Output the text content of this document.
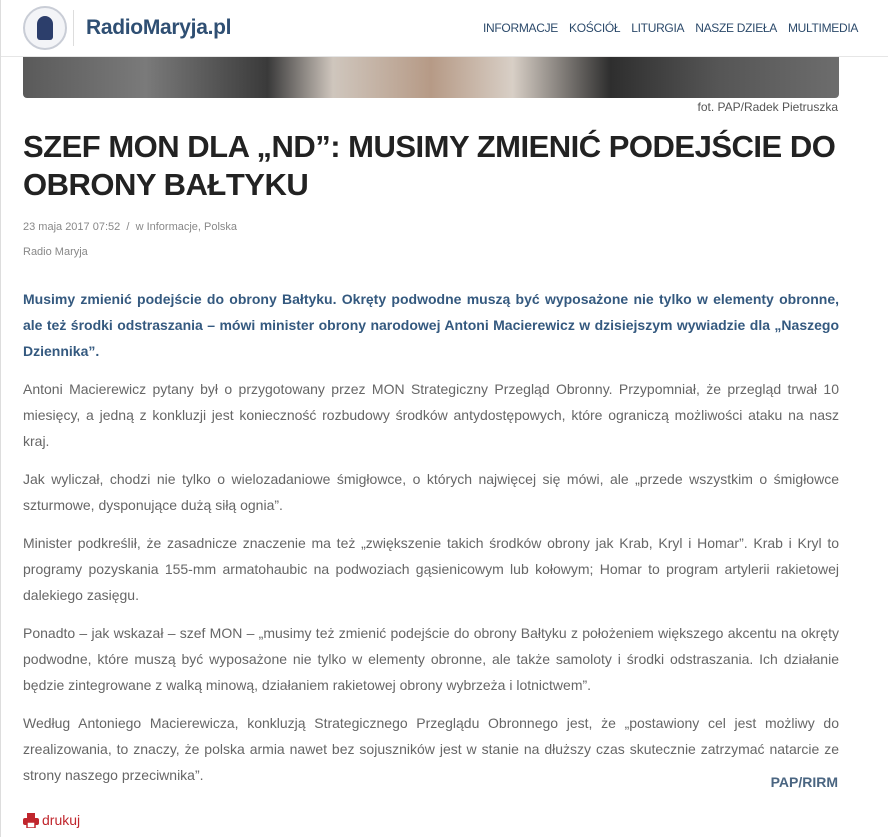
RadioMaryja.pl	INFORMACJE KOŚCIÓŁ LITURGIA NASZE DZIEŁA MULTIMEDIA
fot. PAP/Radek Pietruszka
SZEF MON DLA „ND”: MUSIMY ZMIENIĆ PODEJŚCIE DO OBRONY BAŁTYKU
23 maja 2017 07:52 / w Informacje, Polska
Radio Maryja

Musimy zmienić podejście do obrony Bałtyku. Okręty podwodne muszą być wyposażone nie tylko w elementy obronne, ale też środki odstraszania – mówi minister obrony narodowej Antoni Macierewicz w dzisiejszym wywiadzie dla „Naszego Dziennika”.

Antoni Macierewicz pytany był o przygotowany przez MON Strategiczny Przegląd Obronny. Przypomniał, że przegląd trwał 10 miesięcy, a jedną z konkluzji jest konieczność rozbudowy środków antydostępowych, które ograniczą możliwości ataku na nasz kraj.

Jak wyliczał, chodzi nie tylko o wielozadaniowe śmigłowce, o których najwięcej się mówi, ale „przede wszystkim o śmigłowce szturmowe, dysponujące dużą siłą ognia”.

Minister podkreślił, że zasadnicze znaczenie ma też „zwiększenie takich środków obrony jak Krab, Kryl i Homar”. Krab i Kryl to programy pozyskania 155-mm armatohaubic na podwoziach gąsienicowym lub kołowym; Homar to program artylerii rakietowej dalekiego zasięgu.

Ponadto – jak wskazał – szef MON – „musimy też zmienić podejście do obrony Bałtyku z położeniem większego akcentu na okręty podwodne, które muszą być wyposażone nie tylko w elementy obronne, ale także samoloty i środki odstraszania. Ich działanie będzie zintegrowane z walką minową, działaniem rakietowej obrony wybrzeża i lotnictwem”.

Według Antoniego Macierewicza, konkluzją Strategicznego Przeglądu Obronnego jest, że „postawiony cel jest możliwy do zrealizowania, to znaczy, że polska armia nawet bez sojuszników jest w stanie na dłuższy czas skutecznie zatrzymać natarcie ze strony naszego przeciwnika”.	PAP/RIRM
drukuj
